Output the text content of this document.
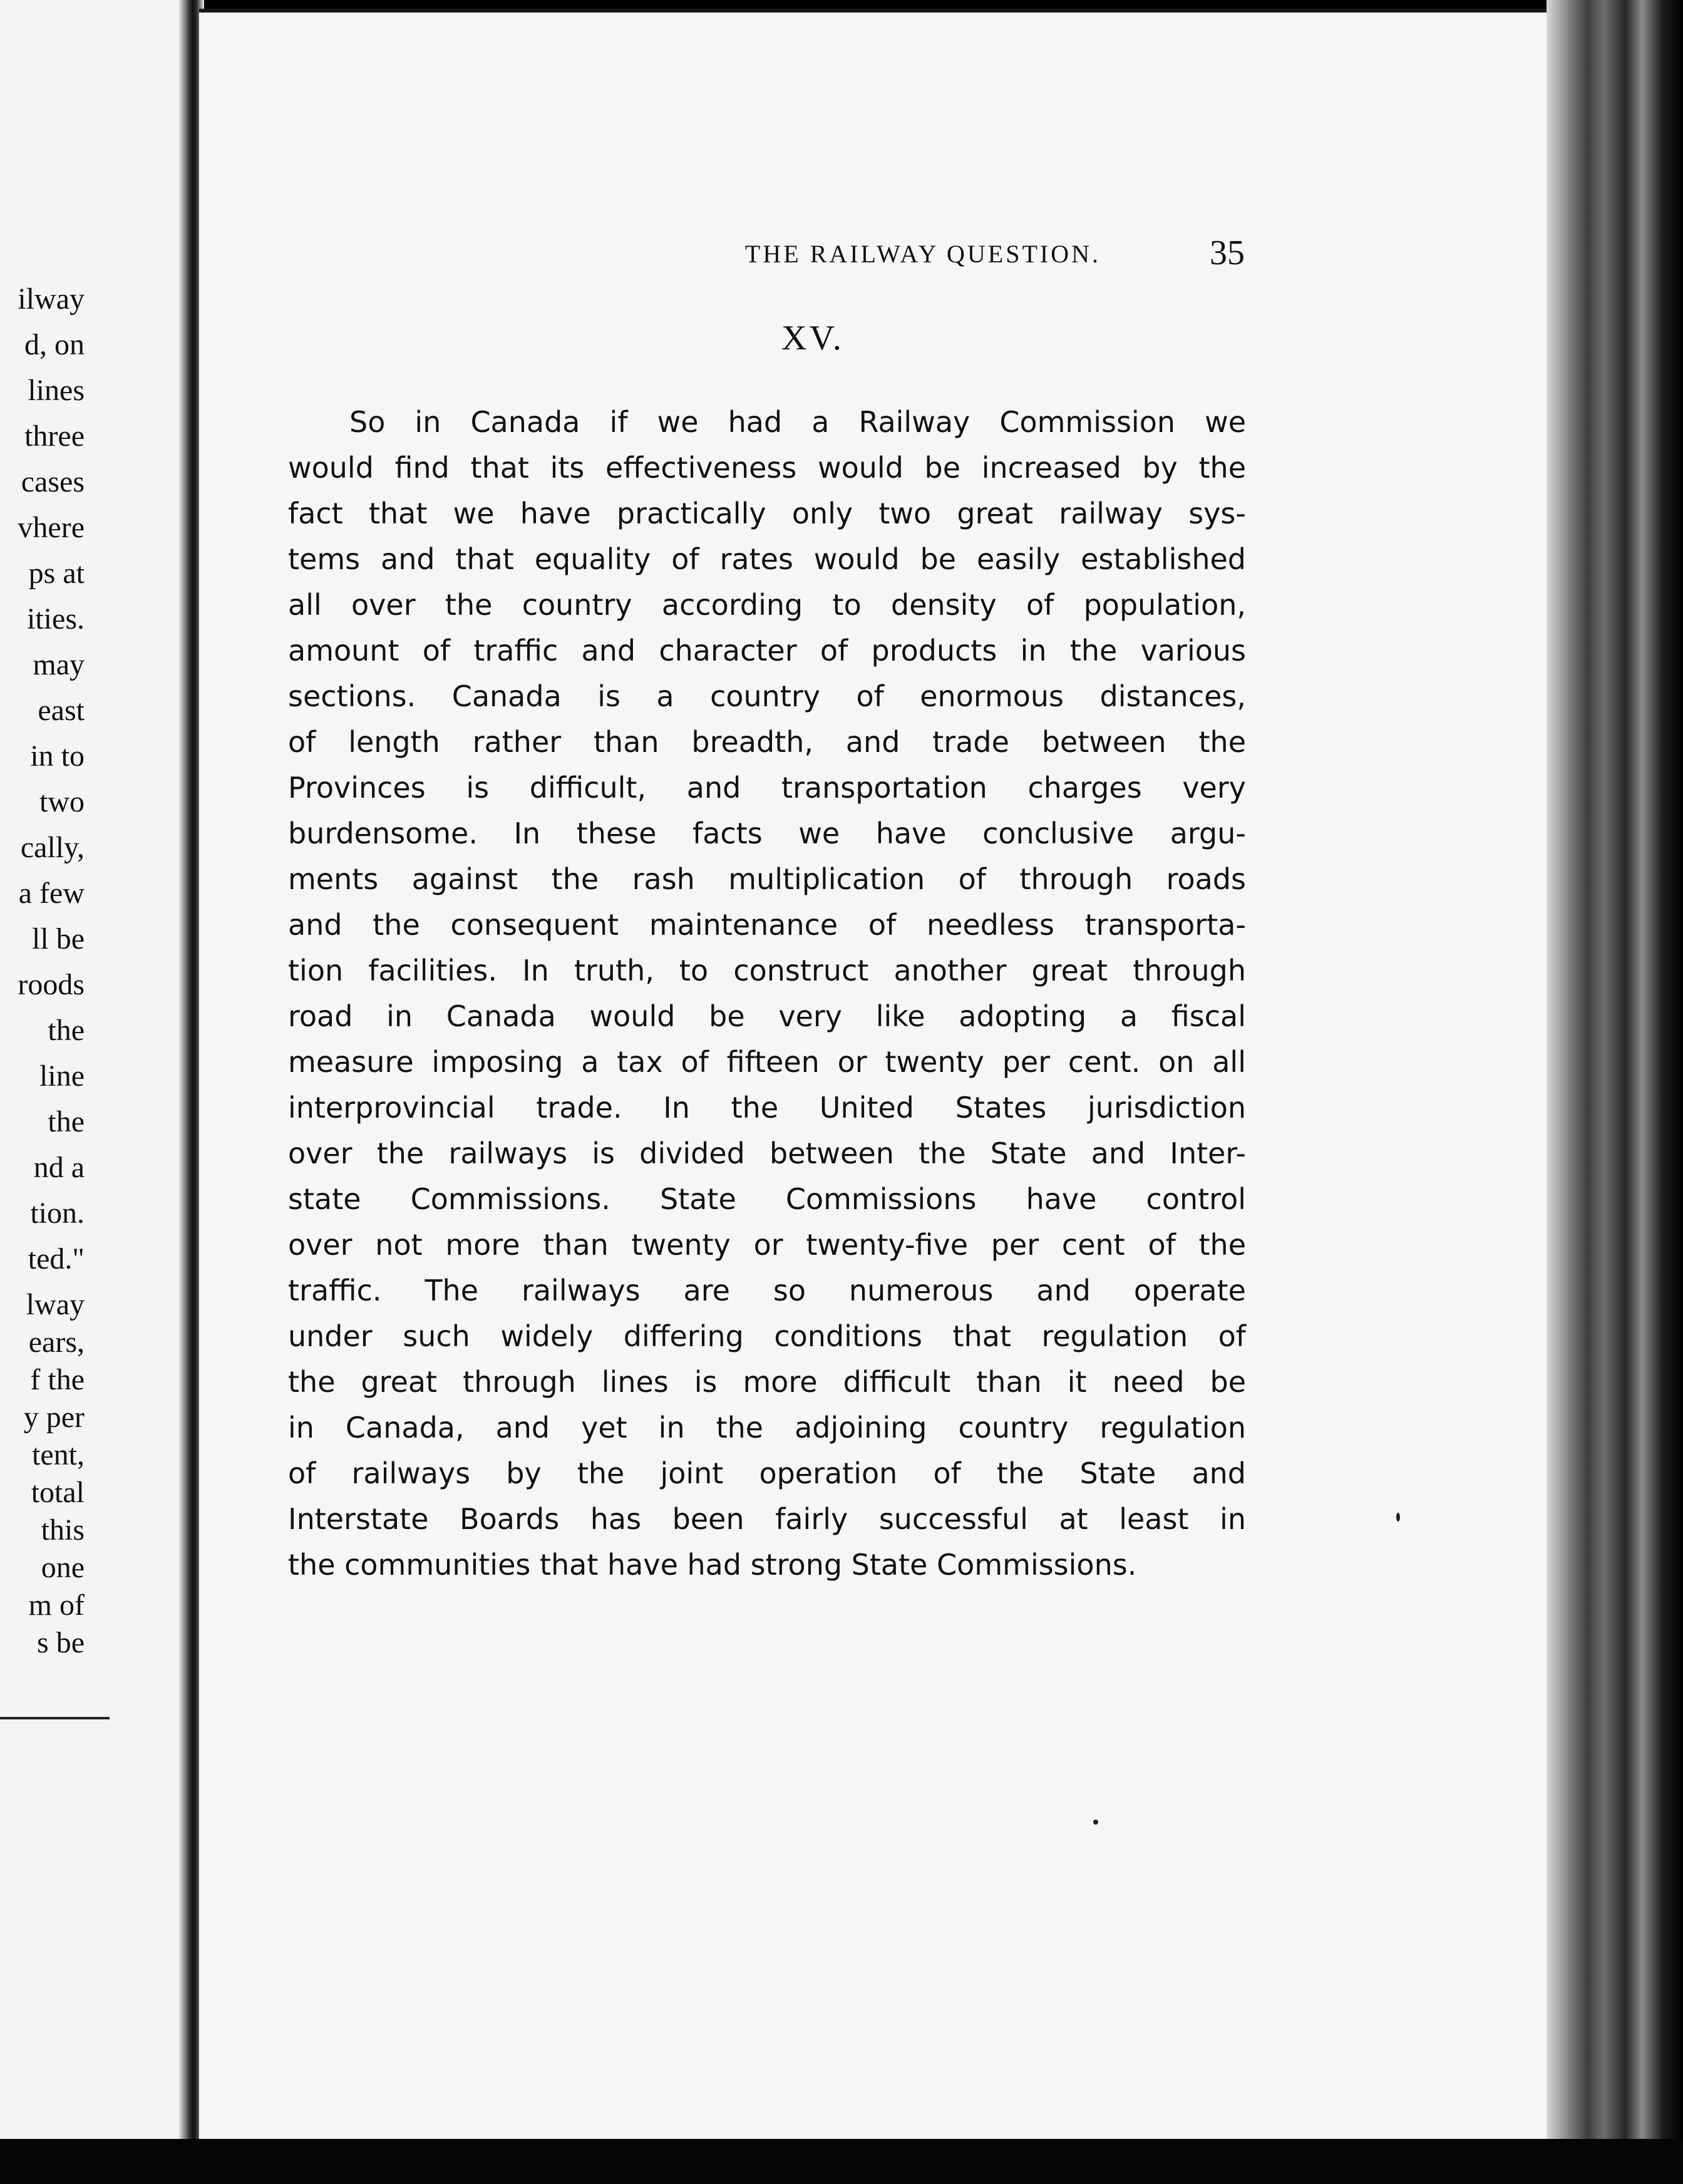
ilway
d, on
lines
three
cases
vhere
ps at
ities.
may
east
in to
two
cally,
a few
ll be
roods
the
line
the
nd a
tion.
ted."
lway
ears,
f the
y per
tent,
total
this
one
m of
s be
THE RAILWAY QUESTION.	35
XV.
So in Canada if we had a Railway Commission we
would find that its effectiveness would be increased by the
fact that we have practically only two great railway sys-
tems and that equality of rates would be easily established
all over the country according to density of population,
amount of traffic and character of products in the various
sections. Canada is a country of enormous distances,
of length rather than breadth, and trade between the
Provinces is difficult, and transportation charges very
burdensome. In these facts we have conclusive argu-
ments against the rash multiplication of through roads
and the consequent maintenance of needless transporta-
tion facilities. In truth, to construct another great through
road in Canada would be very like adopting a fiscal
measure imposing a tax of fifteen or twenty per cent. on all
interprovincial trade. In the United States jurisdiction
over the railways is divided between the State and Inter-
state Commissions. State Commissions have control
over not more than twenty or twenty-five per cent of the
traffic. The railways are so numerous and operate
under such widely differing conditions that regulation of
the great through lines is more difficult than it need be
in Canada, and yet in the adjoining country regulation
of railways by the joint operation of the State and
Interstate Boards has been fairly successful at least in
the communities that have had strong State Commissions.
